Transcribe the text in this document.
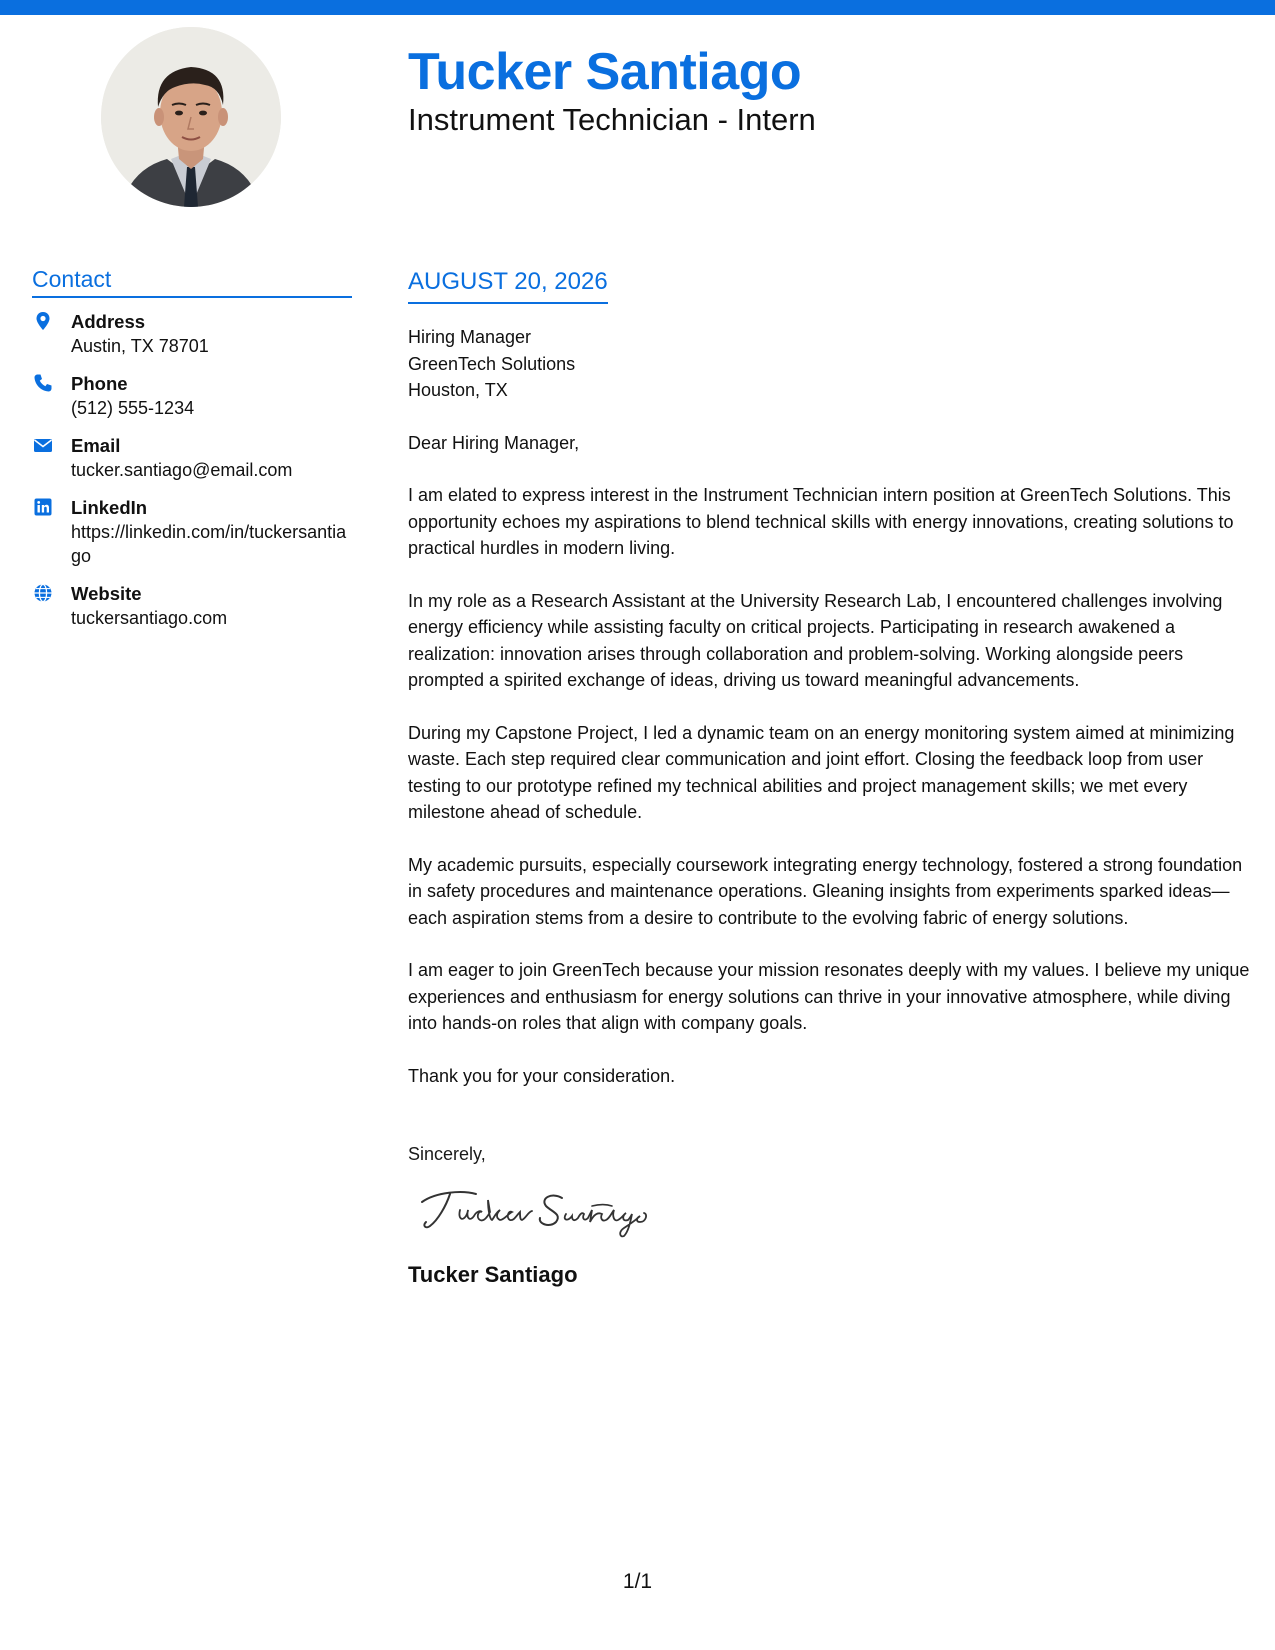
Tucker Santiago
Instrument Technician - Intern
Contact
Address
Austin, TX 78701
Phone
(512) 555-1234
Email
tucker.santiago@email.com
LinkedIn
https://linkedin.com/in/tuckersantiago
Website
tuckersantiago.com
AUGUST 20, 2026
Hiring Manager
GreenTech Solutions
Houston, TX

Dear Hiring Manager,

I am elated to express interest in the Instrument Technician intern position at GreenTech Solutions. This opportunity echoes my aspirations to blend technical skills with energy innovations, creating solutions to practical hurdles in modern living.

In my role as a Research Assistant at the University Research Lab, I encountered challenges involving energy efficiency while assisting faculty on critical projects. Participating in research awakened a realization: innovation arises through collaboration and problem-solving. Working alongside peers prompted a spirited exchange of ideas, driving us toward meaningful advancements.

During my Capstone Project, I led a dynamic team on an energy monitoring system aimed at minimizing waste. Each step required clear communication and joint effort. Closing the feedback loop from user testing to our prototype refined my technical abilities and project management skills; we met every milestone ahead of schedule.

My academic pursuits, especially coursework integrating energy technology, fostered a strong foundation in safety procedures and maintenance operations. Gleaning insights from experiments sparked ideas—each aspiration stems from a desire to contribute to the evolving fabric of energy solutions.

I am eager to join GreenTech because your mission resonates deeply with my values. I believe my unique experiences and enthusiasm for energy solutions can thrive in your innovative atmosphere, while diving into hands-on roles that align with company goals.

Thank you for your consideration.

Sincerely,
Tucker Santiago
1/1
